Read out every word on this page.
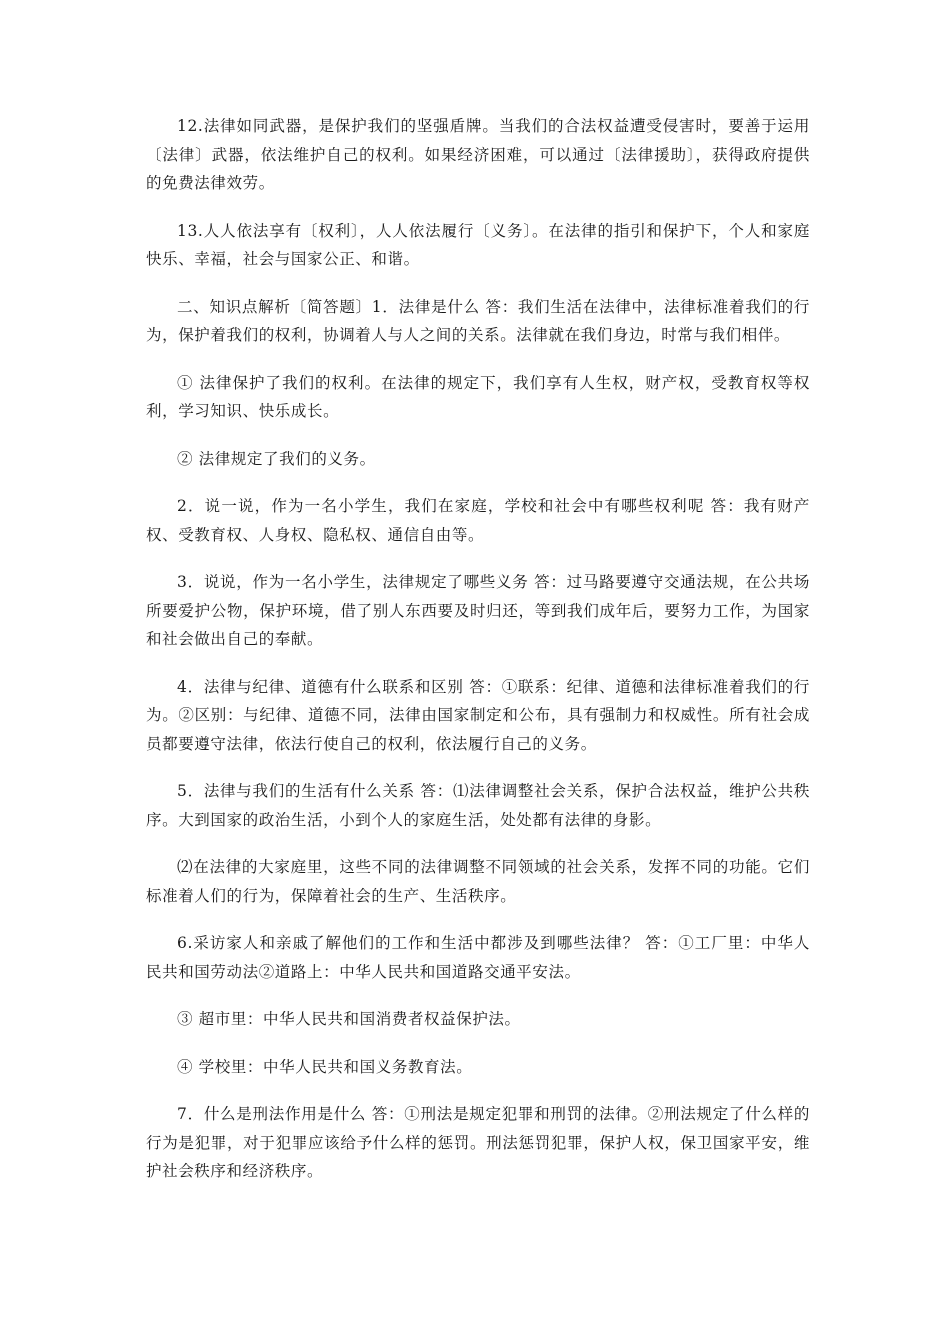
12.法律如同武器，是保护我们的坚强盾牌。当我们的合法权益遭受侵害时，要善于运用〔法律〕武器，依法维护自己的权利。如果经济困难，可以通过〔法律援助〕，获得政府提供的免费法律效劳。

13.人人依法享有〔权利〕，人人依法履行〔义务〕。在法律的指引和保护下，个人和家庭快乐、幸福，社会与国家公正、和谐。

二、知识点解析〔简答题〕1．法律是什么 答：我们生活在法律中，法律标准着我们的行为，保护着我们的权利，协调着人与人之间的关系。法律就在我们身边，时常与我们相伴。

① 法律保护了我们的权利。在法律的规定下，我们享有人生权，财产权，受教育权等权利，学习知识、快乐成长。

② 法律规定了我们的义务。

2．说一说，作为一名小学生，我们在家庭，学校和社会中有哪些权利呢 答：我有财产权、受教育权、人身权、隐私权、通信自由等。

3．说说，作为一名小学生，法律规定了哪些义务 答：过马路要遵守交通法规，在公共场所要爱护公物，保护环境，借了别人东西要及时归还，等到我们成年后，要努力工作，为国家和社会做出自己的奉献。

4．法律与纪律、道德有什么联系和区别 答：①联系：纪律、道德和法律标准着我们的行为。②区别：与纪律、道德不同，法律由国家制定和公布，具有强制力和权威性。所有社会成员都要遵守法律，依法行使自己的权利，依法履行自己的义务。

5．法律与我们的生活有什么关系 答：⑴法律调整社会关系，保护合法权益，维护公共秩序。大到国家的政治生活，小到个人的家庭生活，处处都有法律的身影。

⑵在法律的大家庭里，这些不同的法律调整不同领域的社会关系，发挥不同的功能。它们标准着人们的行为，保障着社会的生产、生活秩序。

6.采访家人和亲戚了解他们的工作和生活中都涉及到哪些法律？ 答：①工厂里：中华人民共和国劳动法②道路上：中华人民共和国道路交通平安法。

③ 超市里：中华人民共和国消费者权益保护法。

④ 学校里：中华人民共和国义务教育法。

7．什么是刑法作用是什么 答：①刑法是规定犯罪和刑罚的法律。②刑法规定了什么样的行为是犯罪，对于犯罪应该给予什么样的惩罚。刑法惩罚犯罪，保护人权，保卫国家平安，维护社会秩序和经济秩序。
